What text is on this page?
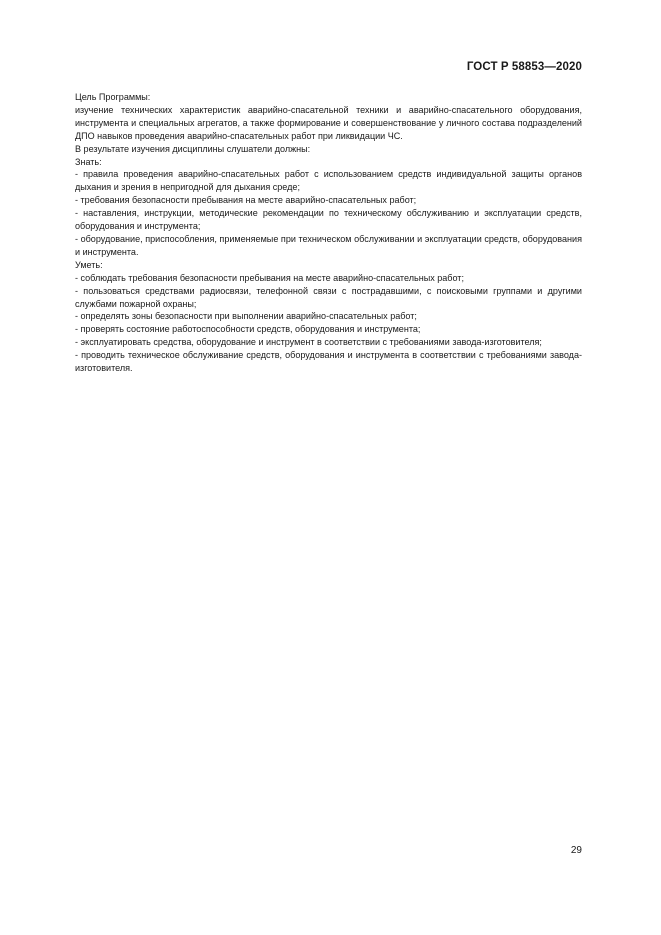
ГОСТ Р 58853—2020

Цель Программы:

изучение технических характеристик аварийно-спасательной техники и аварийно-спасательного оборудования, инструмента и специальных агрегатов, а также формирование и совершенствование у личного состава подразделений ДПО навыков проведения аварийно-спасательных работ при ликвидации ЧС.

В результате изучения дисциплины слушатели должны:

Знать:

- правила проведения аварийно-спасательных работ с использованием средств индивидуальной защиты органов дыхания и зрения в непригодной для дыхания среде;

- требования безопасности пребывания на месте аварийно-спасательных работ;

- наставления, инструкции, методические рекомендации по техническому обслуживанию и эксплуатации средств, оборудования и инструмента;

- оборудование, приспособления, применяемые при техническом обслуживании и эксплуатации средств, оборудования и инструмента.

Уметь:

- соблюдать требования безопасности пребывания на месте аварийно-спасательных работ;

- пользоваться средствами радиосвязи, телефонной связи с пострадавшими, с поисковыми группами и другими службами пожарной охраны;

- определять зоны безопасности при выполнении аварийно-спасательных работ;

- проверять состояние работоспособности средств, оборудования и инструмента;

- эксплуатировать средства, оборудование и инструмент в соответствии с требованиями завода-изготовителя;

- проводить техническое обслуживание средств, оборудования и инструмента в соответствии с требованиями завода-изготовителя.

29
